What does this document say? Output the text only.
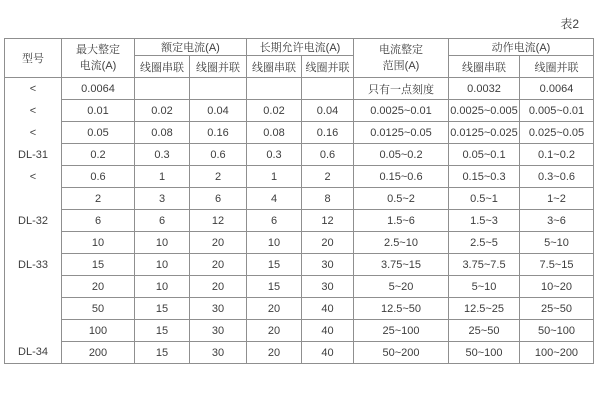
表2
型号	
最大整定
电流(A)
	额定电流(A)	长期允许电流(A)	电流整定
范围(A)
	动作电流(A)
		线圈串联	线圈并联	线圈串联	线圈并联		线圈串联	线圈并联
<	0.0064					只有一点刻度	0.0032	0.0064
<	0.01	0.02	0.04	0.02	0.04	0.0025~0.01	0.0025~0.005	0.005~0.01
<	0.05	0.08	0.16	0.08	0.16	0.0125~0.05	0.0125~0.025	0.025~0.05
DL-31	0.2	0.3	0.6	0.3	0.6	0.05~0.2	0.05~0.1	0.1~0.2
<	0.6	1	2	1	2	0.15~0.6	0.15~0.3	0.3~0.6
	2	3	6	4	8	0.5~2	0.5~1	1~2
DL-32	6	6	12	6	12	1.5~6	1.5~3	3~6
	10	10	20	10	20	2.5~10	2.5~5	5~10
DL-33	15	10	20	15	30	3.75~15	3.75~7.5	7.5~15
	20	10	20	15	30	5~20	5~10	10~20
	50	15	30	20	40	12.5~50	12.5~25	25~50
	100	15	30	20	40	25~100	25~50	50~100
DL-34	200	15	30	20	40	50~200	50~100	100~200
